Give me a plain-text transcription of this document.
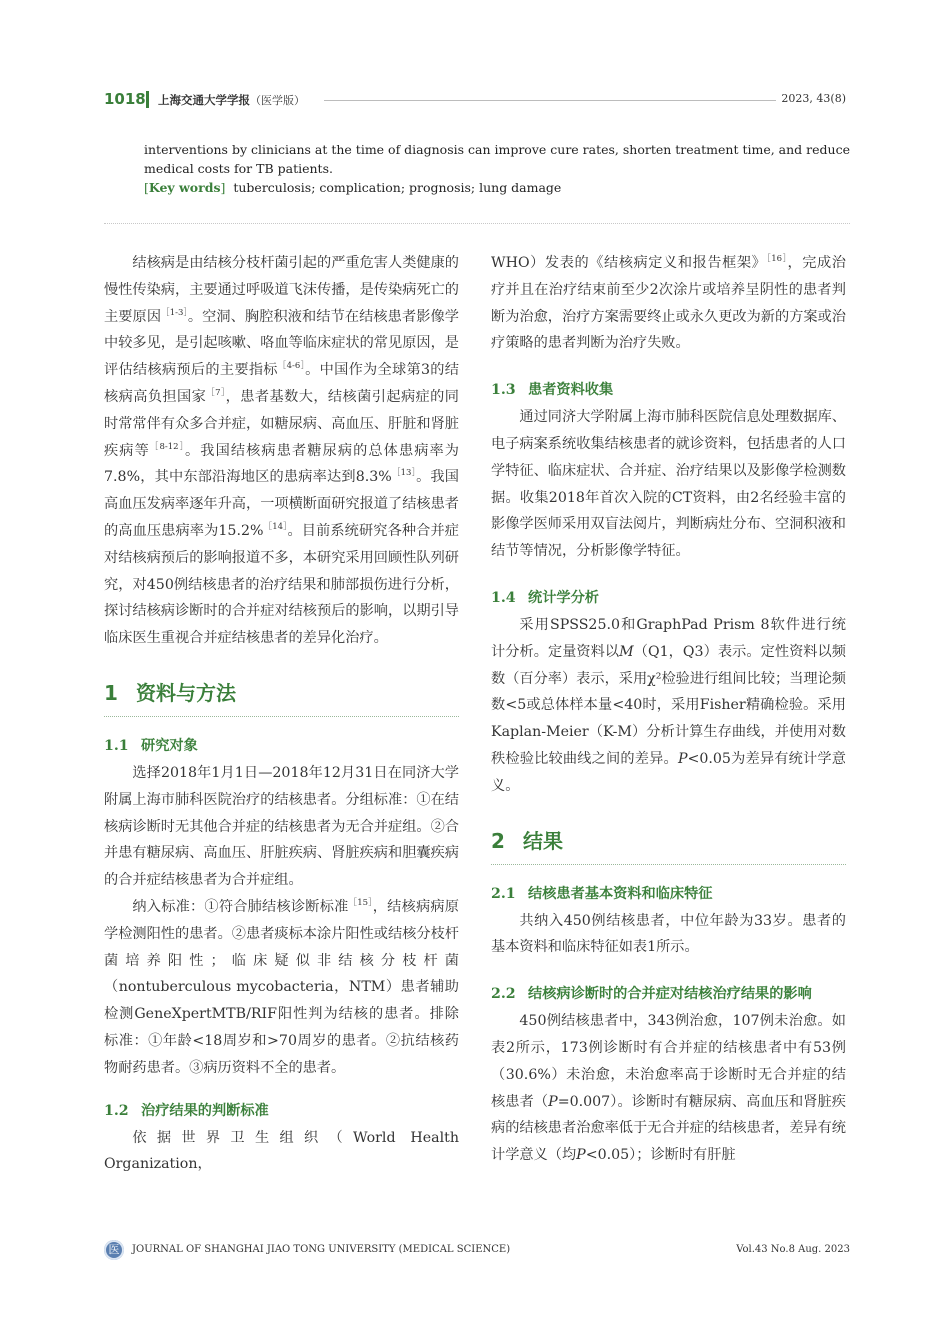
1018 上海交通大学学报（医学版）	2023, 43(8)

interventions by clinicians at the time of diagnosis can improve cure rates, shorten treatment time, and reduce medical costs for TB patients.

[Key words] tuberculosis; complication; prognosis; lung damage

结核病是由结核分枝杆菌引起的严重危害人类健康的慢性传染病，主要通过呼吸道飞沫传播，是传染病死亡的主要原因$^{[1-3]}$。空洞、胸腔积液和结节在结核患者影像学中较多见，是引起咳嗽、咯血等临床症状的常见原因，是评估结核病预后的主要指标$^{[4-6]}$。中国作为全球第3的结核病高负担国家$^{[7]}$，患者基数大，结核菌引起病症的同时常常伴有众多合并症，如糖尿病、高血压、肝脏和肾脏疾病等$^{[8-12]}$。我国结核病患者糖尿病的总体患病率为7.8%，其中东部沿海地区的患病率达到8.3%$^{[13]}$。我国高血压发病率逐年升高，一项横断面研究报道了结核患者的高血压患病率为15.2%$^{[14]}$。目前系统研究各种合并症对结核病预后的影响报道不多，本研究采用回顾性队列研究，对450例结核患者的治疗结果和肺部损伤进行分析，探讨结核病诊断时的合并症对结核预后的影响，以期引导临床医生重视合并症结核患者的差异化治疗。

1 资料与方法
1.1 研究对象

选择2018年1月1日—2018年12月31日在同济大学附属上海市肺科医院治疗的结核患者。分组标准：①在结核病诊断时无其他合并症的结核患者为无合并症组。②合并患有糖尿病、高血压、肝脏疾病、肾脏疾病和胆囊疾病的合并症结核患者为合并症组。

纳入标准：①符合肺结核诊断标准$^{[15]}$，结核病病原学检测阳性的患者。②患者痰标本涂片阳性或结核分枝杆菌培养阳性；临床疑似非结核分枝杆菌（nontuberculous mycobacteria，NTM）患者辅助检测GeneXpertMTB/RIF阳性判为结核的患者。排除标准：①年龄<18周岁和>70周岁的患者。②抗结核药物耐药患者。③病历资料不全的患者。

1.2 治疗结果的判断标准

依据世界卫生组织（World Health Organization，

WHO）发表的《结核病定义和报告框架》$^{[16]}$，完成治疗并且在治疗结束前至少2次涂片或培养呈阴性的患者判断为治愈，治疗方案需要终止或永久更改为新的方案或治疗策略的患者判断为治疗失败。

1.3 患者资料收集

通过同济大学附属上海市肺科医院信息处理数据库、电子病案系统收集结核患者的就诊资料，包括患者的人口学特征、临床症状、合并症、治疗结果以及影像学检测数据。收集2018年首次入院的CT资料，由2名经验丰富的影像学医师采用双盲法阅片，判断病灶分布、空洞积液和结节等情况，分析影像学特征。

1.4 统计学分析

采用SPSS25.0和GraphPad Prism 8软件进行统计分析。定量资料以M（Q1，Q3）表示。定性资料以频数（百分率）表示，采用χ²检验进行组间比较；当理论频数<5或总体样本量<40时，采用Fisher精确检验。采用Kaplan-Meier（K-M）分析计算生存曲线，并使用对数秩检验比较曲线之间的差异。P<0.05为差异有统计学意义。

2 结果
2.1 结核患者基本资料和临床特征

共纳入450例结核患者，中位年龄为33岁。患者的基本资料和临床特征如表1所示。

2.2 结核病诊断时的合并症对结核治疗结果的影响

450例结核患者中，343例治愈，107例未治愈。如表2所示，173例诊断时有合并症的结核患者中有53例（30.6%）未治愈，未治愈率高于诊断时无合并症的结核患者（P=0.007）。诊断时有糖尿病、高血压和肾脏疾病的结核患者治愈率低于无合并症的结核患者，差异有统计学意义（均P<0.05）；诊断时有肝脏

医	JOURNAL OF SHANGHAI JIAO TONG UNIVERSITY (MEDICAL SCIENCE)	Vol.43 No.8 Aug. 2023
